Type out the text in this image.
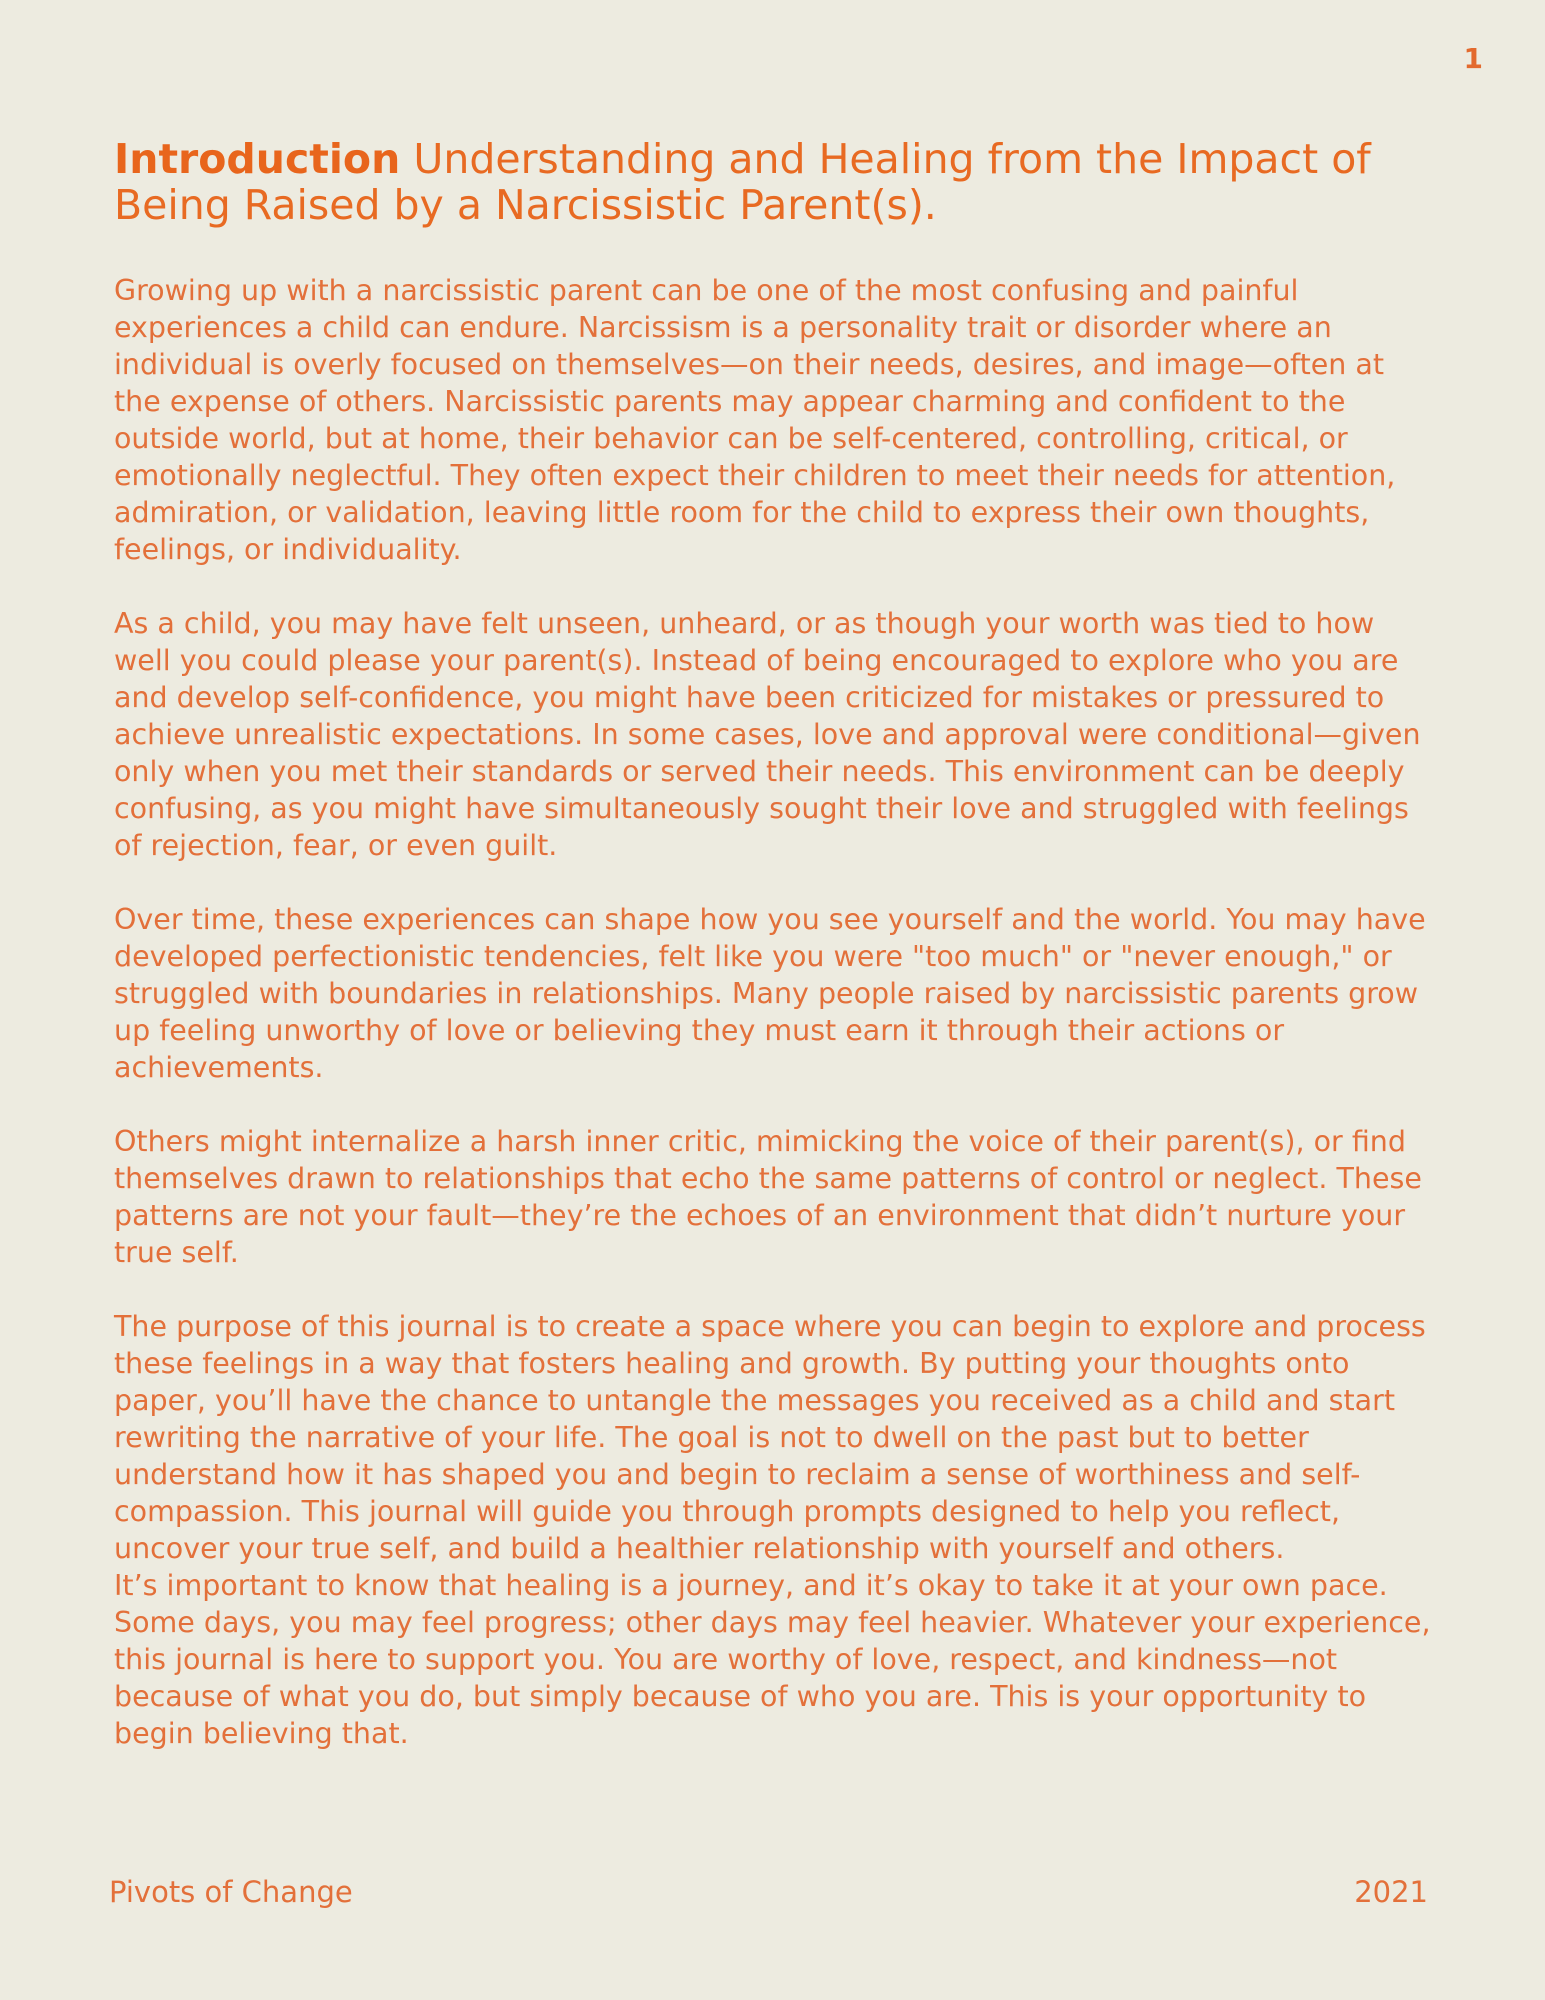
1
Introduction Understanding and Healing from the Impact of Being Raised by a Narcissistic Parent(s).

Growing up with a narcissistic parent can be one of the most confusing and painful experiences a child can endure. Narcissism is a personality trait or disorder where an individual is overly focused on themselves—on their needs, desires, and image—often at the expense of others. Narcissistic parents may appear charming and confident to the outside world, but at home, their behavior can be self-centered, controlling, critical, or emotionally neglectful. They often expect their children to meet their needs for attention, admiration, or validation, leaving little room for the child to express their own thoughts, feelings, or individuality.

As a child, you may have felt unseen, unheard, or as though your worth was tied to how well you could please your parent(s). Instead of being encouraged to explore who you are and develop self-confidence, you might have been criticized for mistakes or pressured to achieve unrealistic expectations. In some cases, love and approval were conditional—given only when you met their standards or served their needs. This environment can be deeply confusing, as you might have simultaneously sought their love and struggled with feelings of rejection, fear, or even guilt.

Over time, these experiences can shape how you see yourself and the world. You may have developed perfectionistic tendencies, felt like you were "too much" or "never enough," or struggled with boundaries in relationships. Many people raised by narcissistic parents grow up feeling unworthy of love or believing they must earn it through their actions or achievements.

Others might internalize a harsh inner critic, mimicking the voice of their parent(s), or find themselves drawn to relationships that echo the same patterns of control or neglect. These patterns are not your fault—they’re the echoes of an environment that didn’t nurture your true self.

The purpose of this journal is to create a space where you can begin to explore and process these feelings in a way that fosters healing and growth. By putting your thoughts onto paper, you’ll have the chance to untangle the messages you received as a child and start rewriting the narrative of your life. The goal is not to dwell on the past but to better understand how it has shaped you and begin to reclaim a sense of worthiness and self-compassion. This journal will guide you through prompts designed to help you reflect, uncover your true self, and build a healthier relationship with yourself and others.

It’s important to know that healing is a journey, and it’s okay to take it at your own pace. Some days, you may feel progress; other days may feel heavier. Whatever your experience, this journal is here to support you. You are worthy of love, respect, and kindness—not because of what you do, but simply because of who you are. This is your opportunity to begin believing that.

Pivots of Change	2021
